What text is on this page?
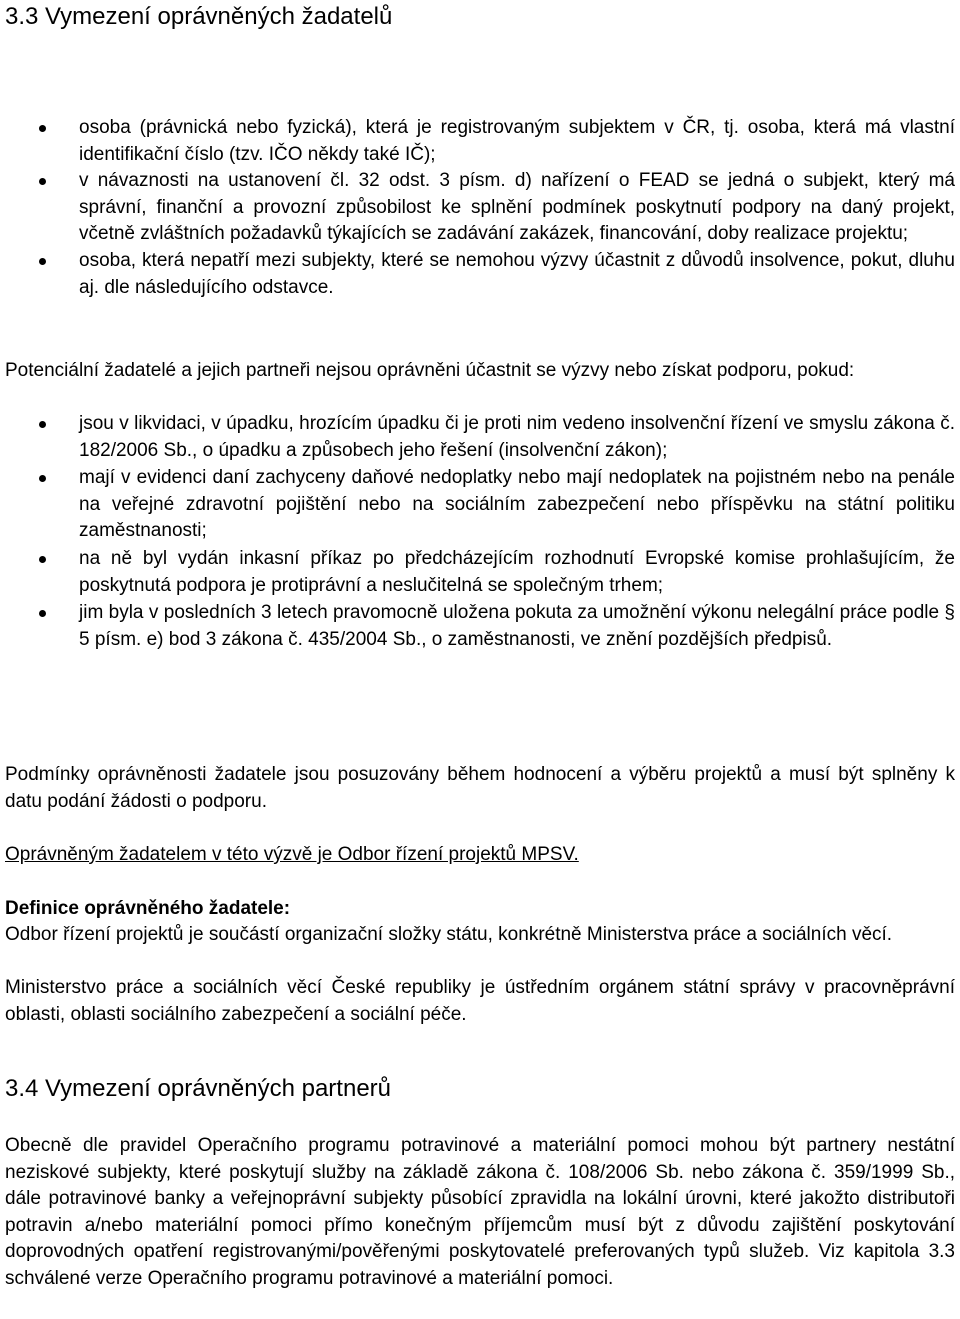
3.3 Vymezení oprávněných žadatelů
osoba (právnická nebo fyzická), která je registrovaným subjektem v ČR, tj. osoba, která má vlastní identifikační číslo (tzv. IČO někdy také IČ);
v návaznosti na ustanovení čl. 32 odst. 3 písm. d) nařízení o FEAD se jedná o subjekt, který má správní, finanční a provozní způsobilost ke splnění podmínek poskytnutí podpory na daný projekt, včetně zvláštních požadavků týkajících se zadávání zakázek, financování, doby realizace projektu;
osoba, která nepatří mezi subjekty, které se nemohou výzvy účastnit z důvodů insolvence, pokut, dluhu aj. dle následujícího odstavce.

Potenciální žadatelé a jejich partneři nejsou oprávněni účastnit se výzvy nebo získat podporu, pokud:

jsou v likvidaci, v úpadku, hrozícím úpadku či je proti nim vedeno insolvenční řízení ve smyslu zákona č. 182/2006 Sb., o úpadku a způsobech jeho řešení (insolvenční zákon);
mají v evidenci daní zachyceny daňové nedoplatky nebo mají nedoplatek na pojistném nebo na penále na veřejné zdravotní pojištění nebo na sociálním zabezpečení nebo příspěvku na státní politiku zaměstnanosti;
na ně byl vydán inkasní příkaz po předcházejícím rozhodnutí Evropské komise prohlašujícím, že poskytnutá podpora je protiprávní a neslučitelná se společným trhem;
jim byla v posledních 3 letech pravomocně uložena pokuta za umožnění výkonu nelegální práce podle § 5 písm. e) bod 3 zákona č. 435/2004 Sb., o zaměstnanosti, ve znění pozdějších předpisů.

Podmínky oprávněnosti žadatele jsou posuzovány během hodnocení a výběru projektů a musí být splněny k datu podání žádosti o podporu.

Oprávněným žadatelem v této výzvě je Odbor řízení projektů MPSV.

Definice oprávněného žadatele:

Odbor řízení projektů je součástí organizační složky státu, konkrétně Ministerstva práce a sociálních věcí.

Ministerstvo práce a sociálních věcí České republiky je ústředním orgánem státní správy v pracovněprávní oblasti, oblasti sociálního zabezpečení a sociální péče.

3.4 Vymezení oprávněných partnerů

Obecně dle pravidel Operačního programu potravinové a materiální pomoci mohou být partnery nestátní neziskové subjekty, které poskytují služby na základě zákona č. 108/2006 Sb. nebo zákona č. 359/1999 Sb., dále potravinové banky a veřejnoprávní subjekty působící zpravidla na lokální úrovni, které jakožto distributoři potravin a/nebo materiální pomoci přímo konečným příjemcům musí být z důvodu zajištění poskytování doprovodných opatření registrovanými/pověřenými poskytovatelé preferovaných typů služeb. Viz kapitola 3.3 schválené verze Operačního programu potravinové a materiální pomoci.
